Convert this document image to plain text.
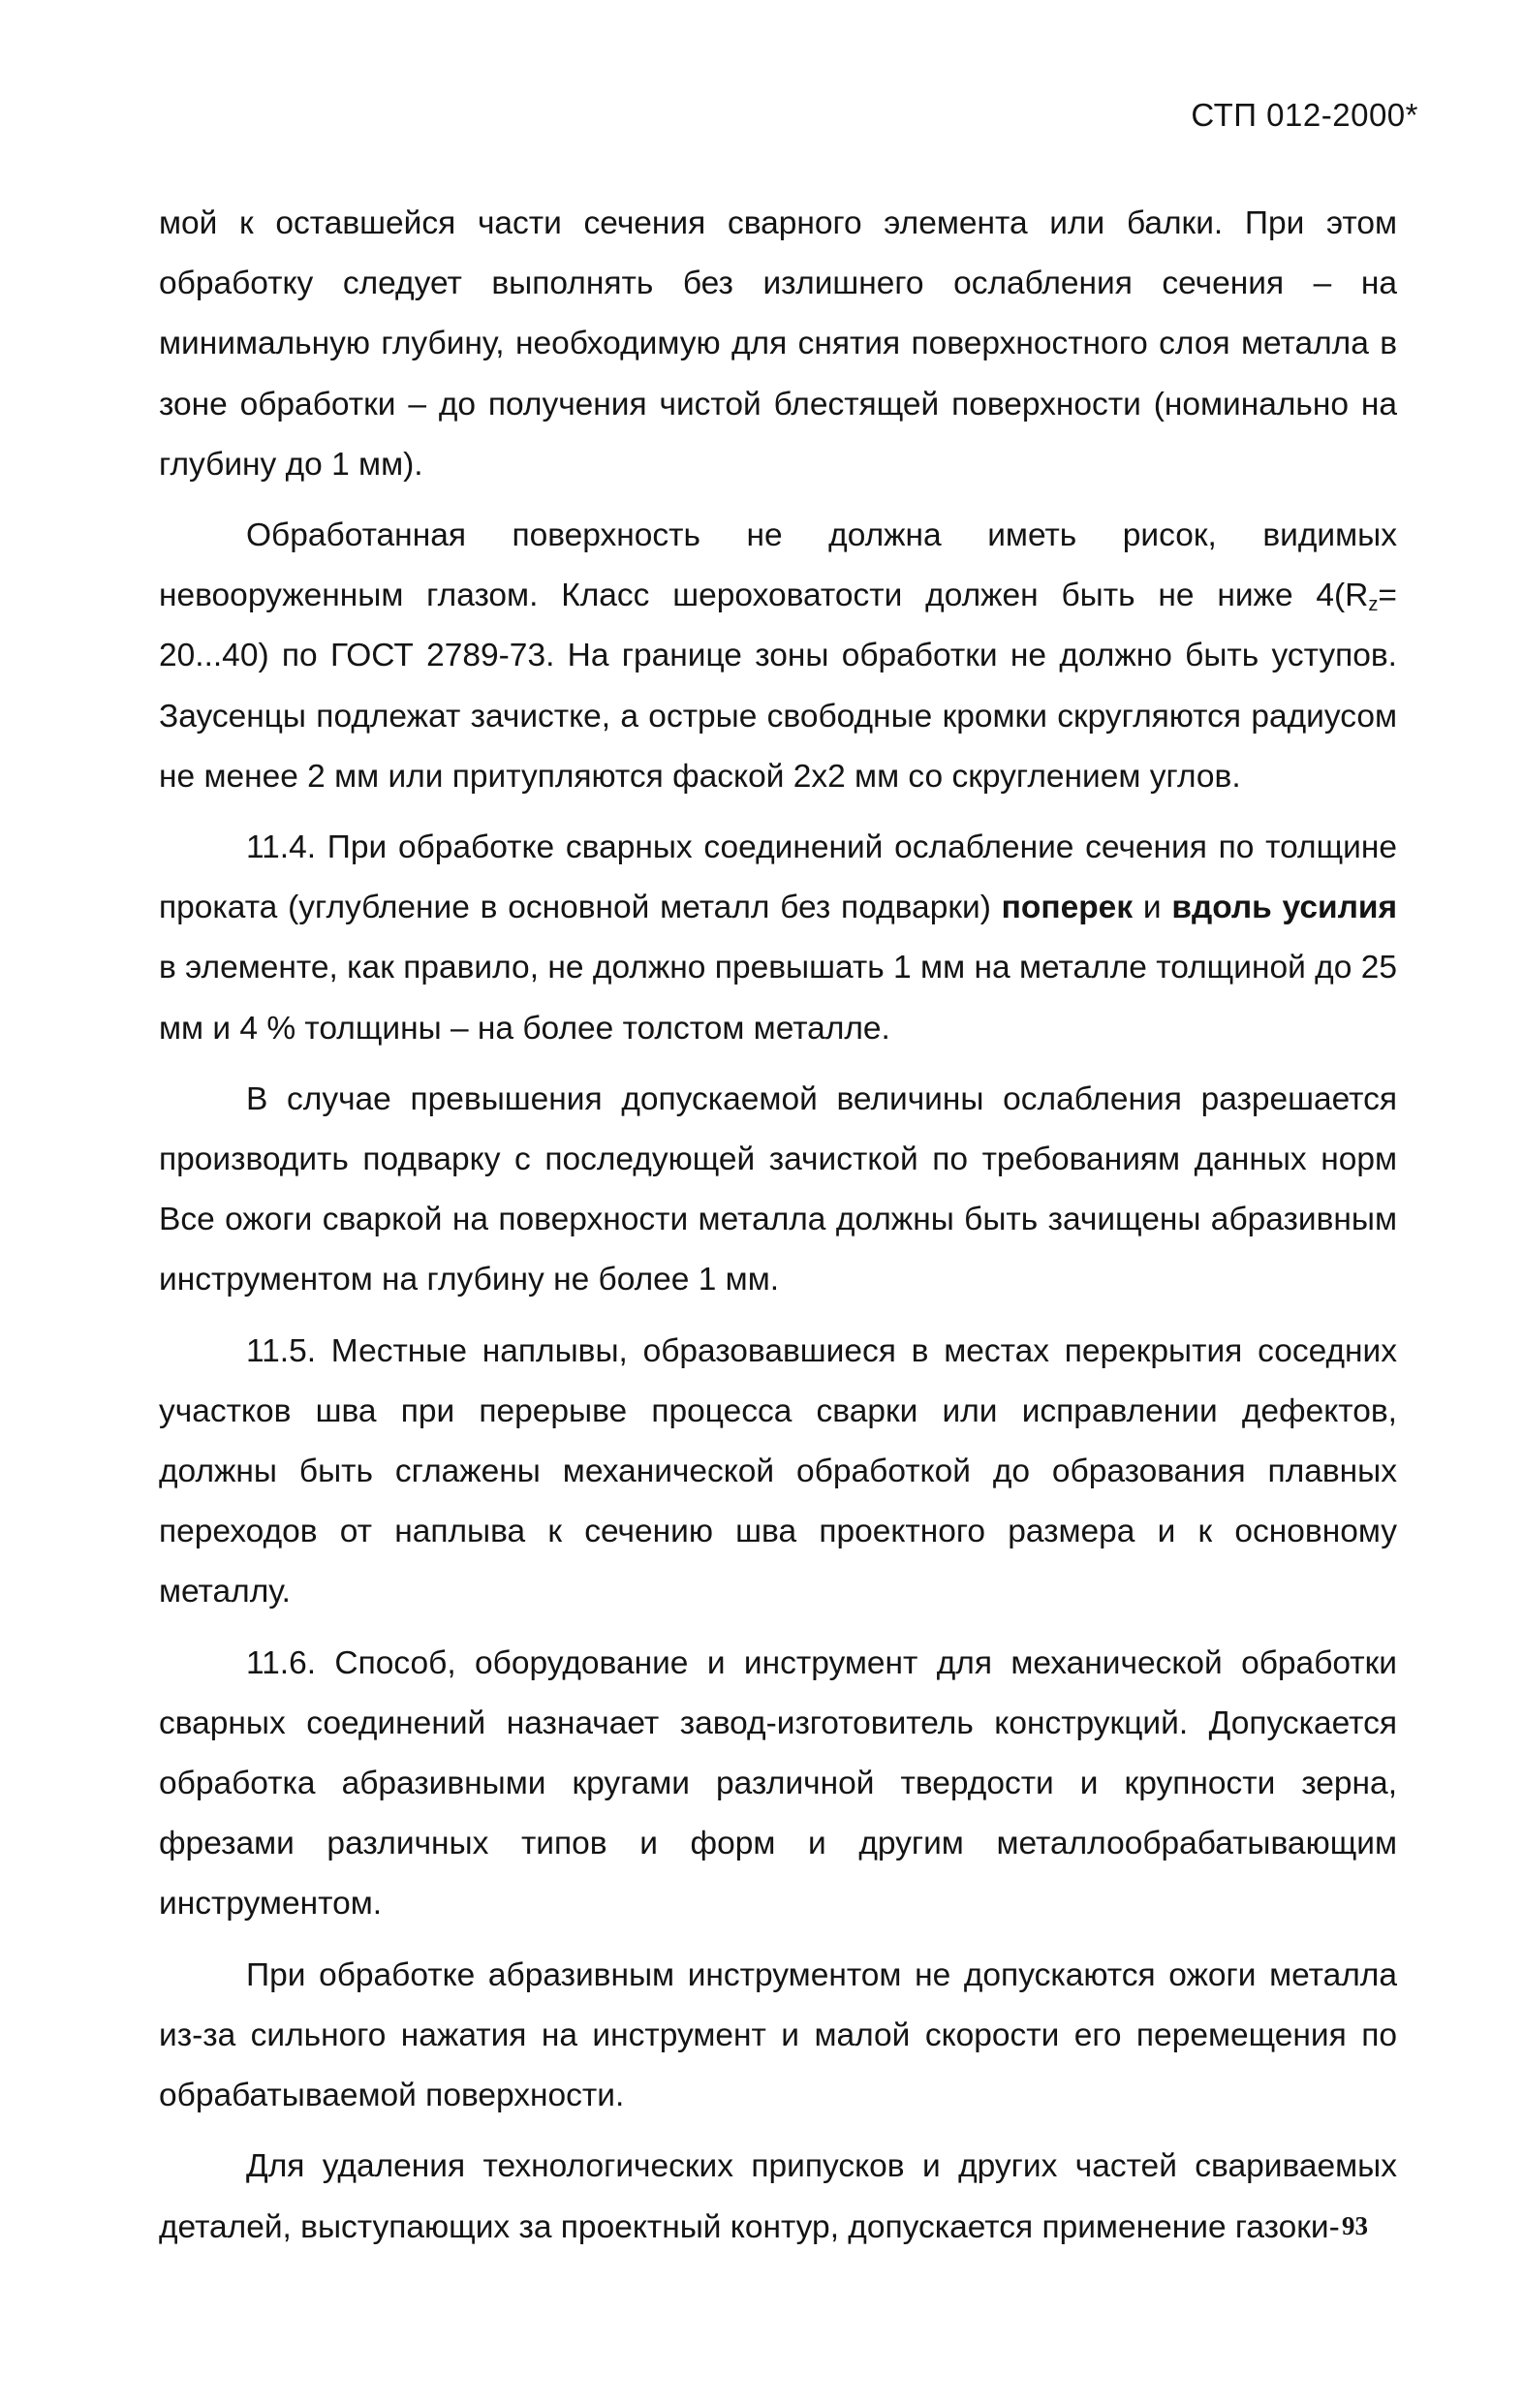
СТП 012-2000*

мой к оставшейся части сечения сварного элемента или балки. При этом обработку следует выполнять без излишнего ослабления сечения – на минимальную глубину, необходимую для снятия поверхностного слоя металла в зоне обработки – до получения чистой блестящей поверхности (номинально на глубину до 1 мм).

Обработанная поверхность не должна иметь рисок, видимых невооруженным глазом. Класс шероховатости должен быть не ниже $4(R_z= 20...40)$ по ГОСТ 2789-73. На границе зоны обработки не должно быть уступов. Заусенцы подлежат зачистке, а острые свободные кромки скругляются радиусом не менее 2 мм или притупляются фаской 2х2 мм со скруглением углов.

11.4. При обработке сварных соединений ослабление сечения по толщине проката (углубление в основной металл без подварки) поперек и вдоль усилия в элементе, как правило, не должно превышать 1 мм на металле толщиной до 25 мм и 4 % толщины – на более толстом металле.

В случае превышения допускаемой величины ослабления разрешается производить подварку с последующей зачисткой по требованиям данных норм Все ожоги сваркой на поверхности металла должны быть зачищены абразивным инструментом на глубину не более 1 мм.

11.5. Местные наплывы, образовавшиеся в местах перекрытия соседних участков шва при перерыве процесса сварки или исправлении дефектов, должны быть сглажены механической обработкой до образования плавных переходов от наплыва к сечению шва проектного размера и к основному металлу.

11.6. Способ, оборудование и инструмент для механической обработки сварных соединений назначает завод-изготовитель конструкций. Допускается обработка абразивными кругами различной твердости и крупности зерна, фрезами различных типов и форм и другим металлообрабатывающим инструментом.

При обработке абразивным инструментом не допускаются ожоги металла из-за сильного нажатия на инструмент и малой скорости его перемещения по обрабатываемой поверхности.

Для удаления технологических припусков и других частей свариваемых деталей, выступающих за проектный контур, допускается применение газоки- 93
